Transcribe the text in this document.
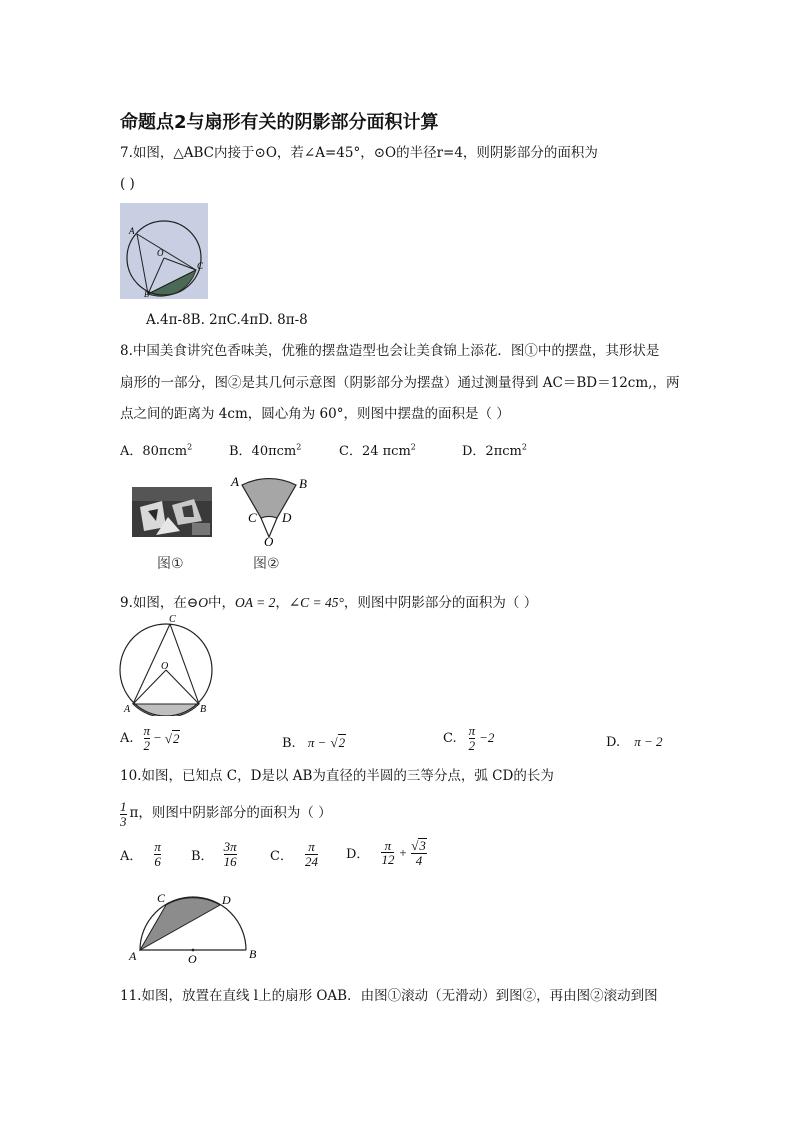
命题点2与扇形有关的阴影部分面积计算
7.如图，△ABC内接于⊙O，若∠A=45°，⊙O的半径r=4，则阴影部分的面积为
( )
A
O
C
B
A.4π-8B. 2πC.4πD. 8π-8
8.中国美食讲究色香味美，优雅的摆盘造型也会让美食锦上添花．图①中的摆盘，其形状是
扇形的一部分，图②是其几何示意图（阴影部分为摆盘）通过测量得到 AC＝BD＝12cm,，两
点之间的距离为 4cm，圆心角为 60°，则图中摆盘的面积是（ ）
A．80πcm$^2$	B．40πcm$^2$	C．24 πcm$^2$	D．2πcm$^2$
图①
A	B
C D
O
图②
9.如图，在⊖O中，OA = 2，∠C = 45°，则图中阴影部分的面积为（ ）
C
O
A	B
A. $\frac{\pi}{2} - √2$	B. π − √2	C. $\frac{\pi}{2} -2$	D. π − 2
10.如图，已知点 C，D是以 AB为直径的半圆的三等分点，弧 CD的长为
$\frac{1}{3}$ π，则图中阴影部分的面积为（ ）
A． $\frac{\pi}{6}$ B． $\frac{3\pi}{16}$	C． $\frac{\pi}{24}$ D． $\frac{\pi}{12} + \frac{√3}{4}$
C	D
A	O	B
11.如图，放置在直线 l上的扇形 OAB．由图①滚动（无滑动）到图②，再由图②滚动到图
